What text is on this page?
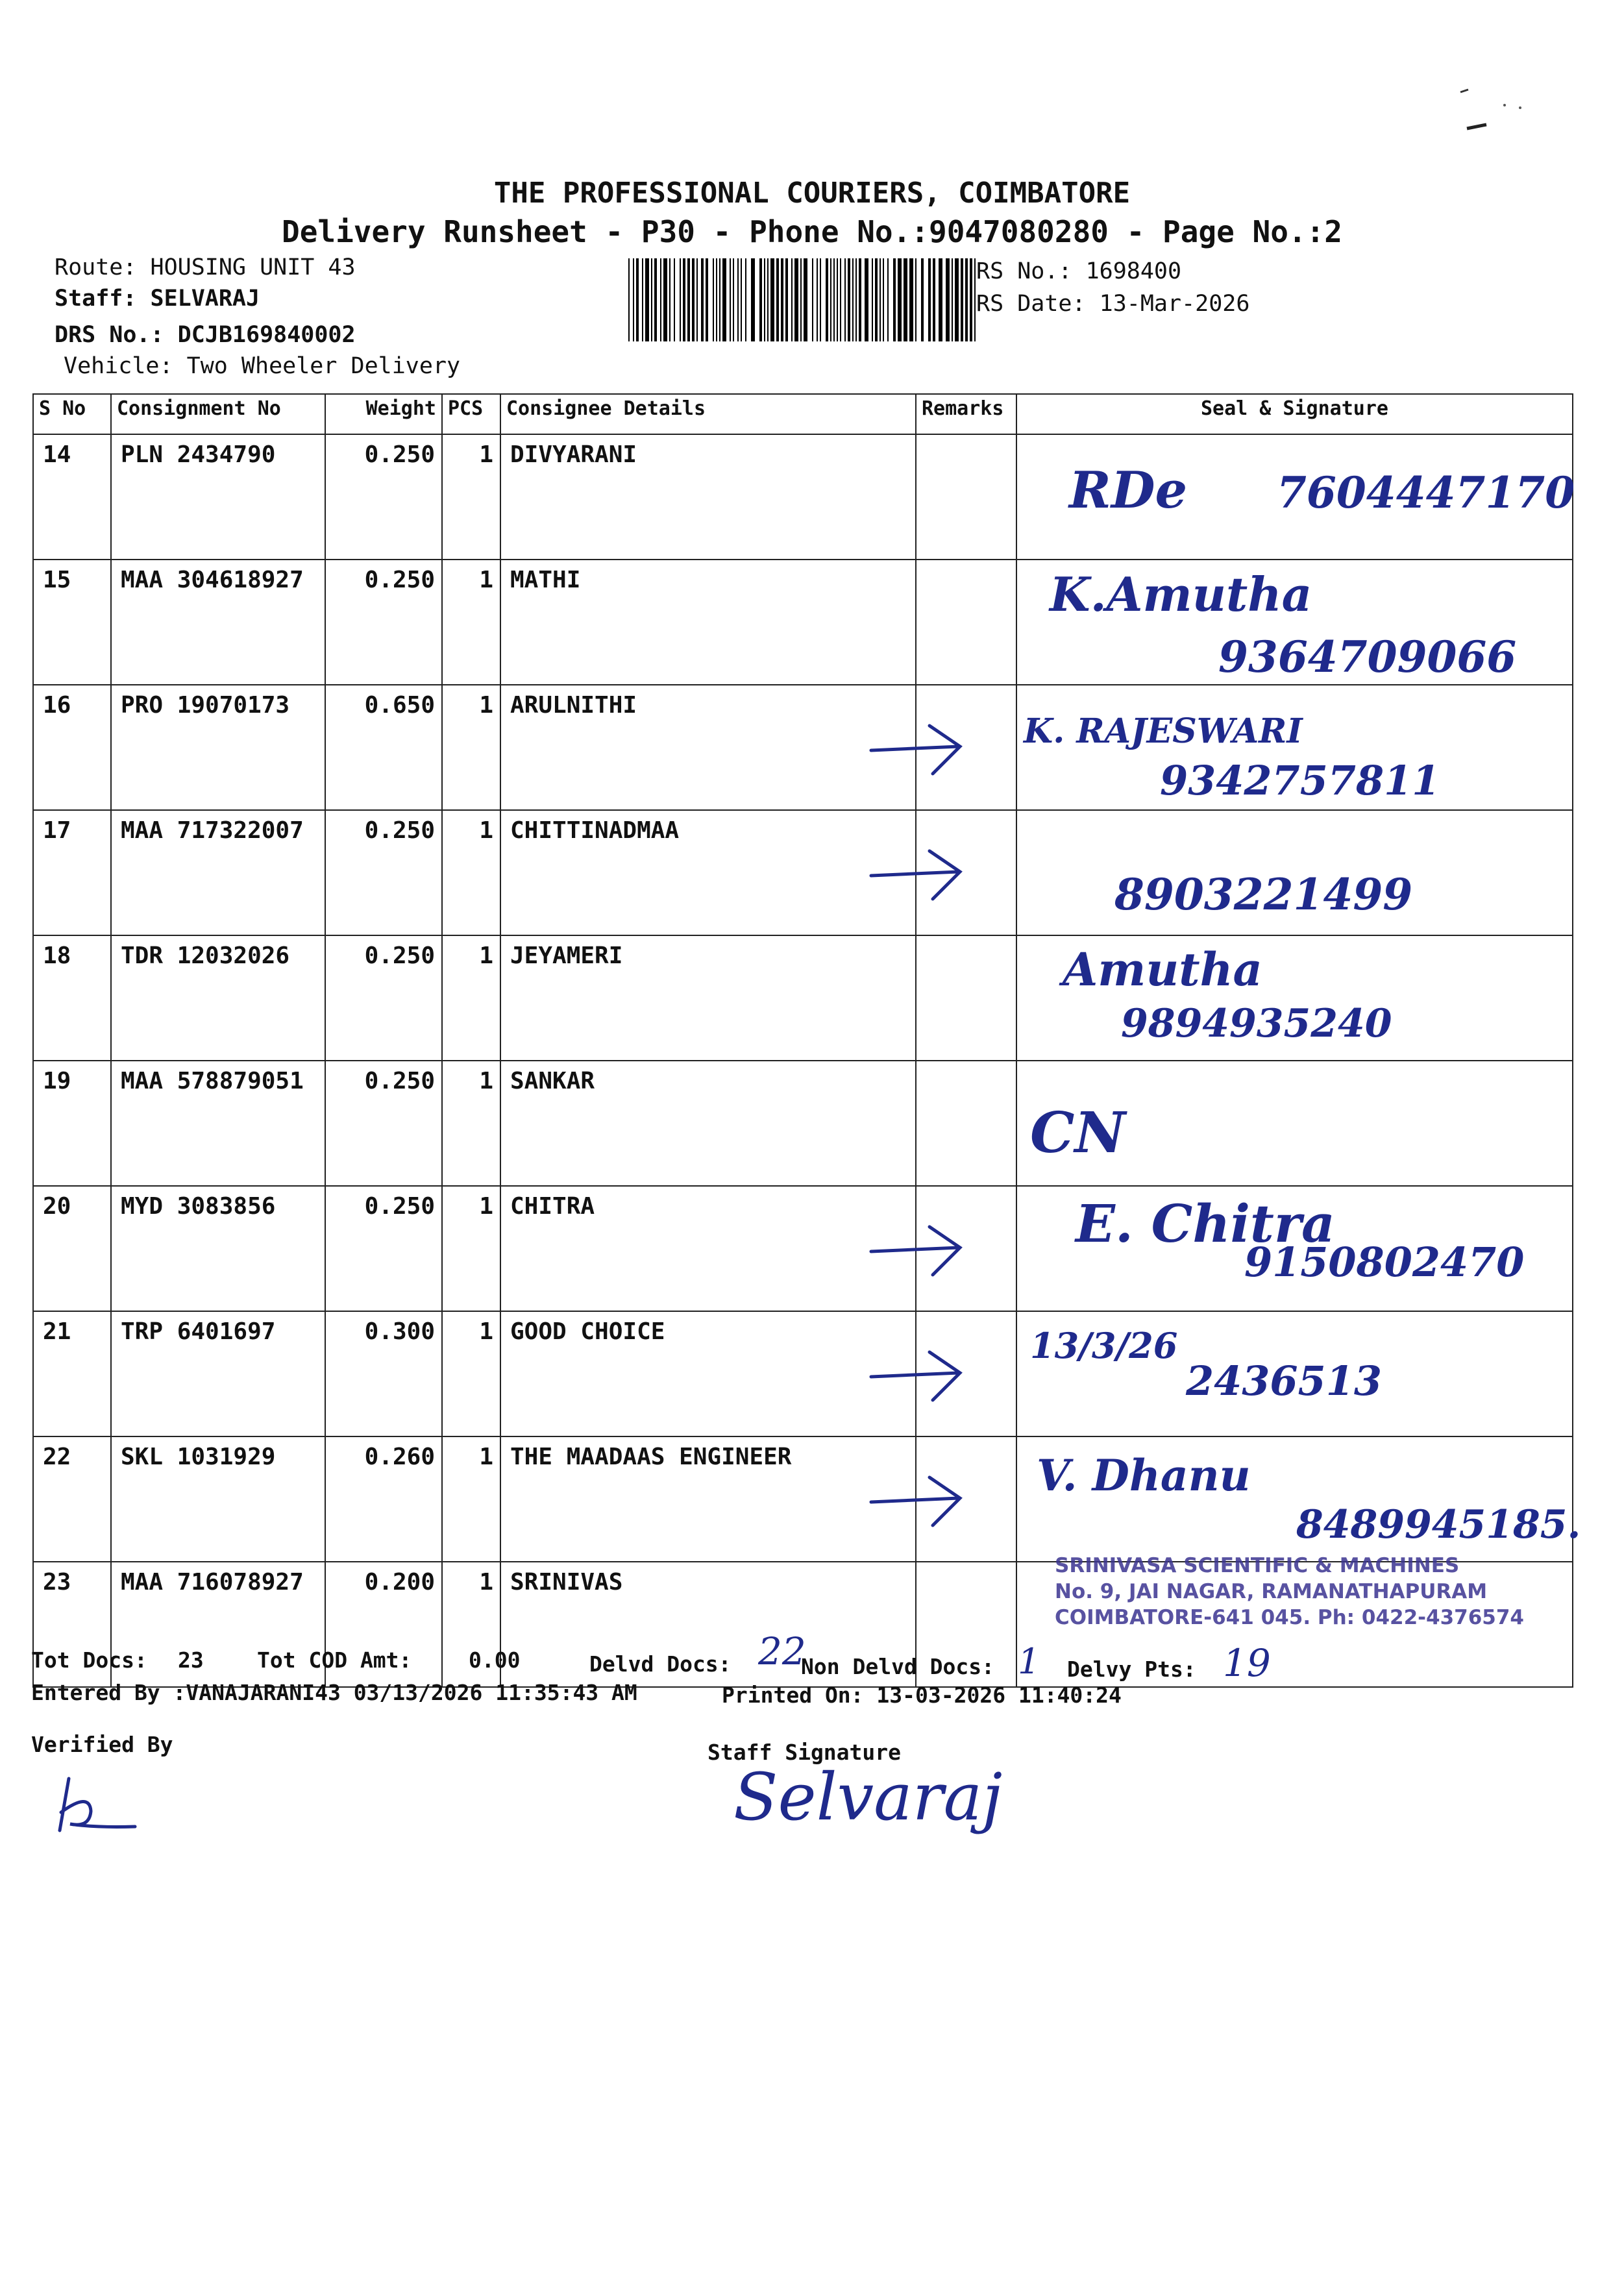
THE PROFESSIONAL COURIERS, COIMBATORE
Delivery Runsheet - P30 - Phone No.:9047080280 - Page No.:2
Route: HOUSING UNIT 43
Staff: SELVARAJ
DRS No.: DCJB169840002
Vehicle: Two Wheeler Delivery
RS No.: 1698400
RS Date: 13-Mar-2026
S No	Consignment No	Weight	PCS	Consignee Details	Remarks	Seal & Signature
14	PLN 2434790	0.250	1	DIVYARANI		RDe 7604447170

15	MAA 304618927	0.250	1	MATHI		K.Amutha
9364709066

16	PRO 19070173	0.650	1	ARULNITHI		K. RAJESWARI
9342757811

17	MAA 717322007	0.250	1	CHITTINADMAA		8903221499

18	TDR 12032026	0.250	1	JEYAMERI		Amutha
9894935240

19	MAA 578879051	0.250	1	SANKAR		CN

20	MYD 3083856	0.250	1	CHITRA		E. Chitra
9150802470

21	TRP 6401697	0.300	1	GOOD CHOICE		13/3/26
2436513

22	SKL 1031929	0.260	1	THE MAADAAS ENGINEER		V. Dhanu
8489945185.

23	MAA 716078927	0.200	1	SRINIVAS		
SRINIVASA SCIENTIFIC & MACHINES
No. 9, JAI NAGAR, RAMANATHAPURAM
COIMBATORE-641 045. Ph: 0422-4376574
Tot Docs: 23 Tot COD Amt:	0.00	Delvd Docs: 22
Non Delvd Docs: 1 Delvy Pts: 19
Entered By :VANAJARANI43 03/13/2026 11:35:43 AM	Printed On: 13-03-2026 11:40:24
Verified By	Staff Signature
Selvaraj
